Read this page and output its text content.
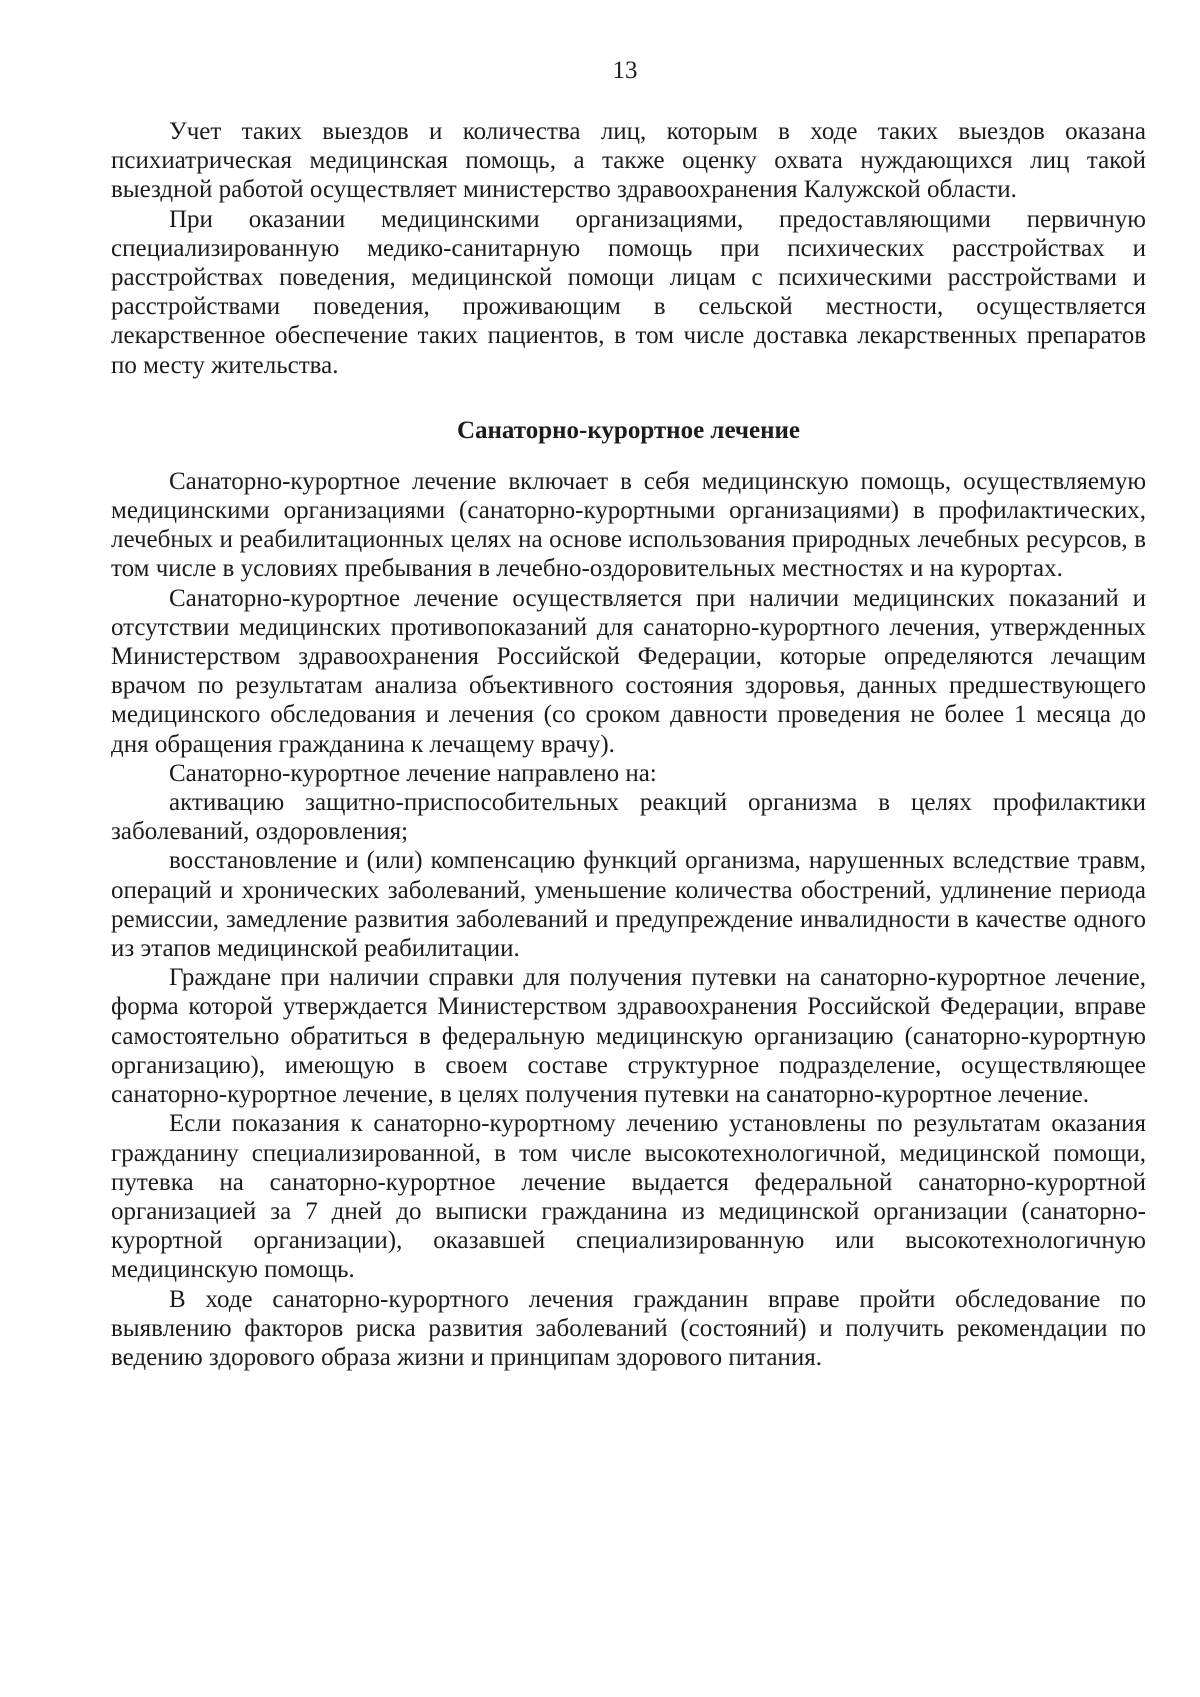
13

Учет таких выездов и количества лиц, которым в ходе таких выездов оказана психиатрическая медицинская помощь, а также оценку охвата нуждающихся лиц такой выездной работой осуществляет министерство здравоохранения Калужской области.

При оказании медицинскими организациями, предоставляющими первичную специализированную медико-санитарную помощь при психических расстройствах и расстройствах поведения, медицинской помощи лицам с психическими расстройствами и расстройствами поведения, проживающим в сельской местности, осуществляется лекарственное обеспечение таких пациентов, в том числе доставка лекарственных препаратов по месту жительства.

Санаторно-курортное лечение

Санаторно-курортное лечение включает в себя медицинскую помощь, осуществляемую медицинскими организациями (санаторно-курортными организациями) в профилактических, лечебных и реабилитационных целях на основе использования природных лечебных ресурсов, в том числе в условиях пребывания в лечебно-оздоровительных местностях и на курортах.

Санаторно-курортное лечение осуществляется при наличии медицинских показаний и отсутствии медицинских противопоказаний для санаторно-курортного лечения, утвержденных Министерством здравоохранения Российской Федерации, которые определяются лечащим врачом по результатам анализа объективного состояния здоровья, данных предшествующего медицинского обследования и лечения (со сроком давности проведения не более 1 месяца до дня обращения гражданина к лечащему врачу).

Санаторно-курортное лечение направлено на:

активацию защитно-приспособительных реакций организма в целях профилактики заболеваний, оздоровления;

восстановление и (или) компенсацию функций организма, нарушенных вследствие травм, операций и хронических заболеваний, уменьшение количества обострений, удлинение периода ремиссии, замедление развития заболеваний и предупреждение инвалидности в качестве одного из этапов медицинской реабилитации.

Граждане при наличии справки для получения путевки на санаторно-курортное лечение, форма которой утверждается Министерством здравоохранения Российской Федерации, вправе самостоятельно обратиться в федеральную медицинскую организацию (санаторно-курортную организацию), имеющую в своем составе структурное подразделение, осуществляющее санаторно-курортное лечение, в целях получения путевки на санаторно-курортное лечение.

Если показания к санаторно-курортному лечению установлены по результатам оказания гражданину специализированной, в том числе высокотехнологичной, медицинской помощи, путевка на санаторно-курортное лечение выдается федеральной санаторно-курортной организацией за 7 дней до выписки гражданина из медицинской организации (санаторно-курортной организации), оказавшей специализированную или высокотехнологичную медицинскую помощь.

В ходе санаторно-курортного лечения гражданин вправе пройти обследование по выявлению факторов риска развития заболеваний (состояний) и получить рекомендации по ведению здорового образа жизни и принципам здорового питания.
